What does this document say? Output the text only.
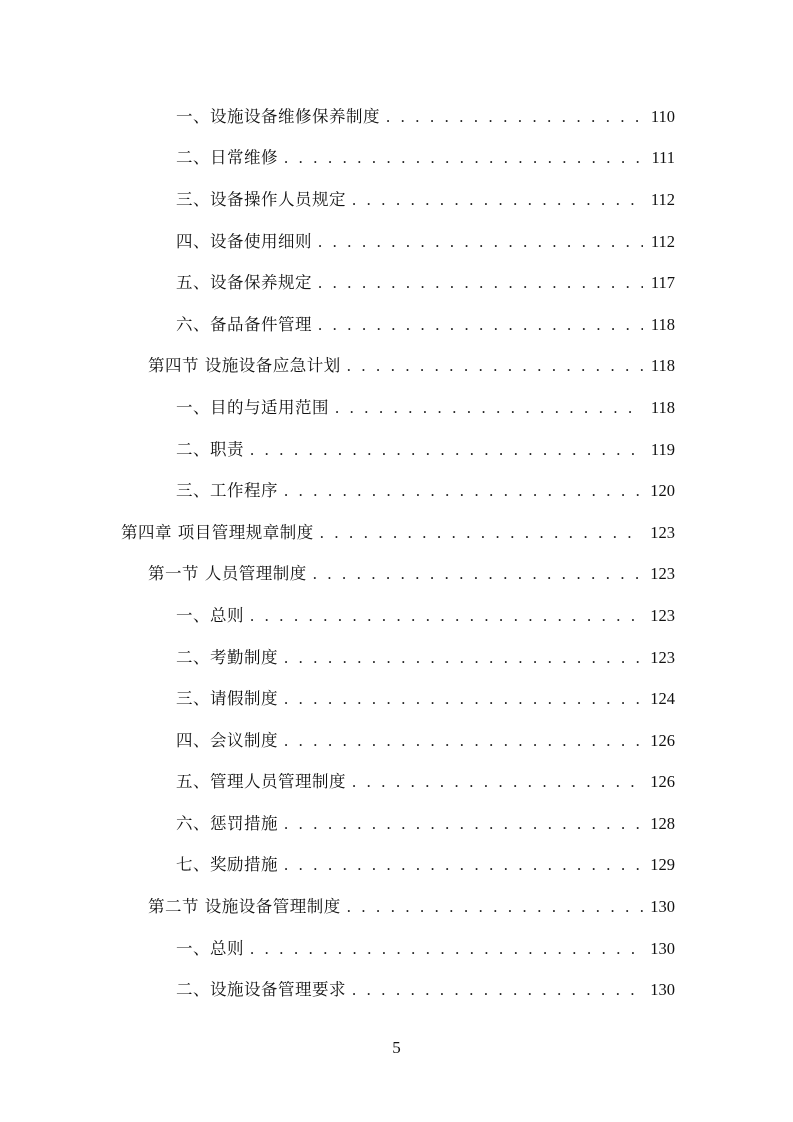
一、设施设备维修保养制度 . . .	110
二、日常维修 . . .	111
三、设备操作人员规定 . . .	112
四、设备使用细则 . . .	112
五、设备保养规定 . . .	117
六、备品备件管理 . . .	118
第四节 设施设备应急计划 . . .	118
一、目的与适用范围 . . .	118
二、职责 . . .	119
三、工作程序 . . .	120
第四章 项目管理规章制度 . . .	123
第一节 人员管理制度 . . .	123
一、总则 . . .	123
二、考勤制度 . . .	123
三、请假制度 . . .	124
四、会议制度 . . .	126
五、管理人员管理制度 . . .	126
六、惩罚措施 . . .	128
七、奖励措施 . . .	129
第二节 设施设备管理制度 . . .	130
一、总则 . . .	130
二、设施设备管理要求 . . .	130
5
